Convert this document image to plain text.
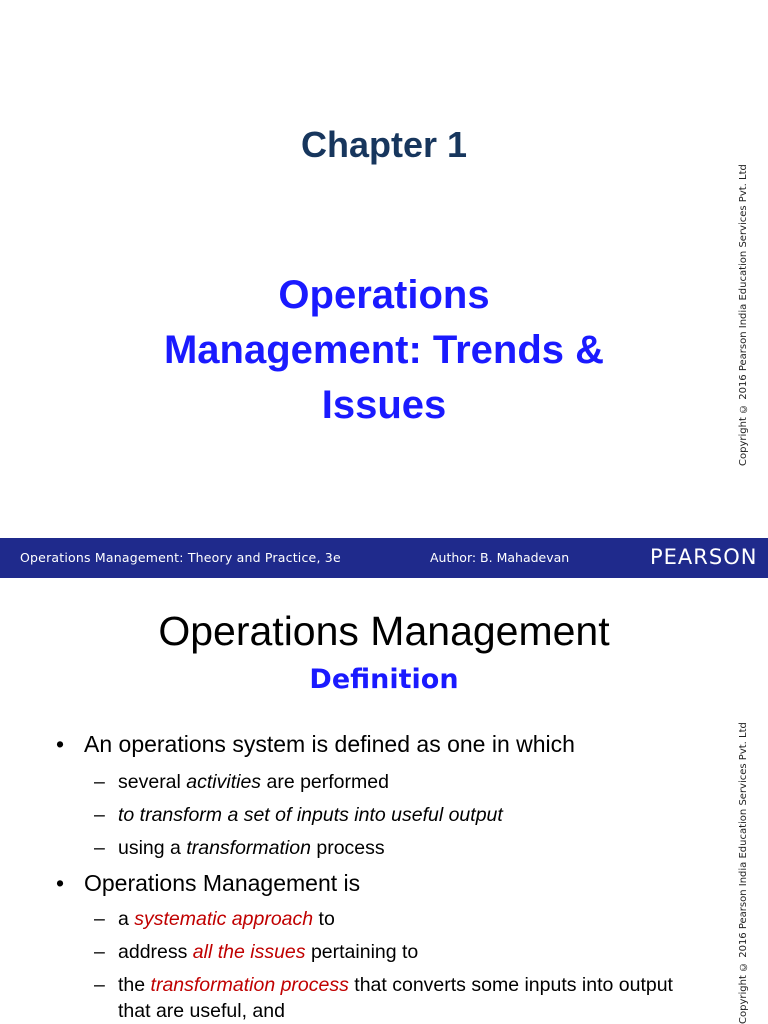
Chapter 1
Operations
Management: Trends &
Issues	Copyright © 2016 Pearson India Education Services Pvt. Ltd
Operations Management: Theory and Practice, 3e	Author: B. Mahadevan	PEARSON
Operations Management
Definition
Copyright © 2016 Pearson India Education Services Pvt. Ltd
• An operations system is defined as one in which
– several activities are performed
– to transform a set of inputs into useful output
– using a transformation process
• Operations Management is
– a systematic approach to
– address all the issues pertaining to
– the transformation process that converts some inputs into output that are useful, and
